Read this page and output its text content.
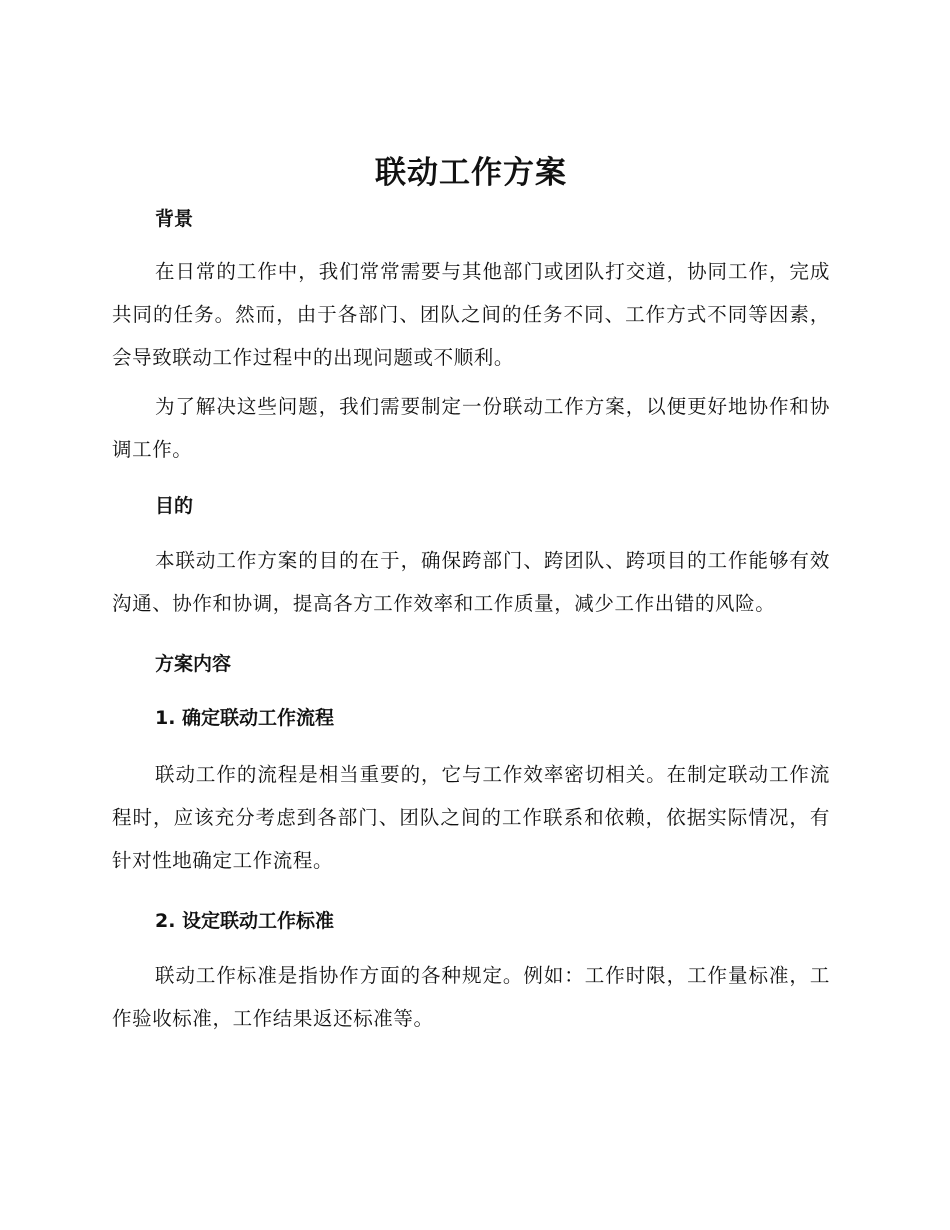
联动工作方案
背景

在日常的工作中，我们常常需要与其他部门或团队打交道，协同工作，完成共同的任务。然而，由于各部门、团队之间的任务不同、工作方式不同等因素，会导致联动工作过程中的出现问题或不顺利。

为了解决这些问题，我们需要制定一份联动工作方案，以便更好地协作和协调工作。

目的

本联动工作方案的目的在于，确保跨部门、跨团队、跨项目的工作能够有效沟通、协作和协调，提高各方工作效率和工作质量，减少工作出错的风险。

方案内容
1. 确定联动工作流程

联动工作的流程是相当重要的，它与工作效率密切相关。在制定联动工作流程时，应该充分考虑到各部门、团队之间的工作联系和依赖，依据实际情况，有针对性地确定工作流程。

2. 设定联动工作标准

联动工作标准是指协作方面的各种规定。例如：工作时限，工作量标准，工作验收标准，工作结果返还标准等。
